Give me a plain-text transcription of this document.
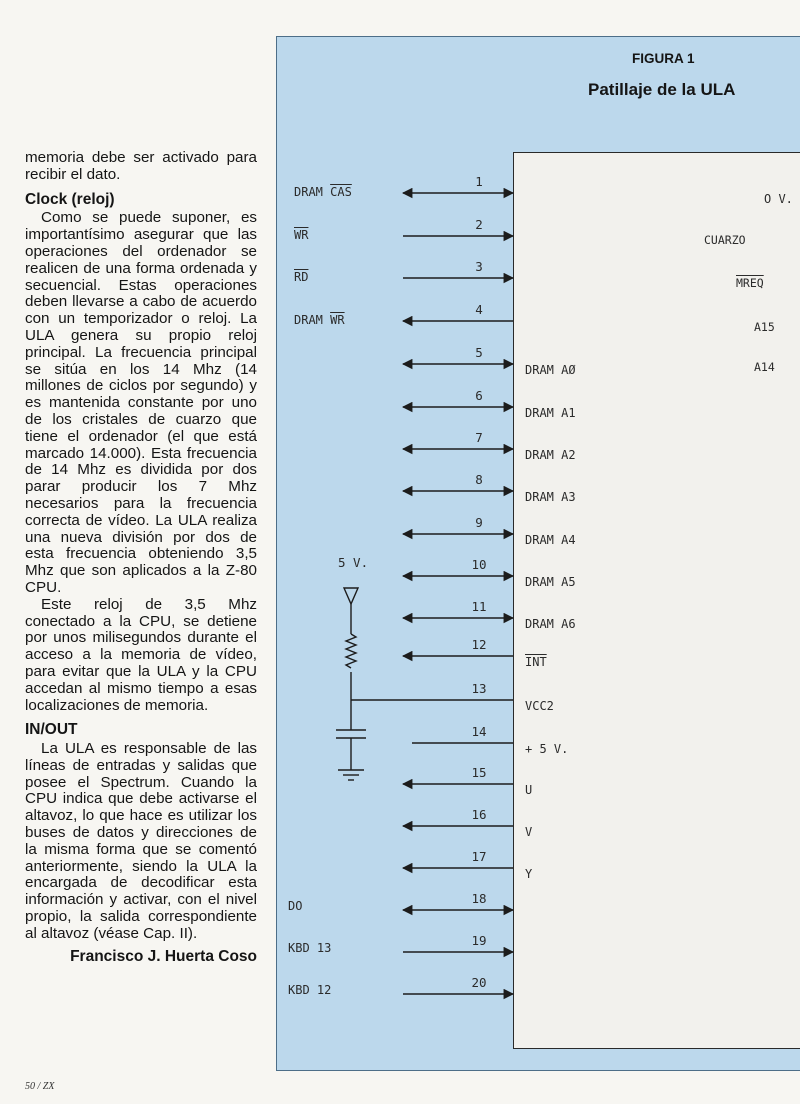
memoria debe ser activado para recibir el dato.

Clock (reloj)

Como se puede suponer, es importantísimo asegurar que las operaciones del ordenador se realicen de una forma ordenada y secuencial. Estas operaciones deben llevarse a cabo de acuerdo con un temporizador o reloj. La ULA genera su propio reloj principal. La frecuencia principal se sitúa en los 14 Mhz (14 millones de ciclos por segundo) y es mantenida constante por uno de los cristales de cuarzo que tiene el ordenador (el que está marcado 14.000). Esta frecuencia de 14 Mhz es dividida por dos parar producir los 7 Mhz necesarios para la frecuencia correcta de vídeo. La ULA realiza una nueva división por dos de esta frecuencia obteniendo 3,5 Mhz que son aplicados a la Z-80 CPU.

Este reloj de 3,5 Mhz conectado a la CPU, se detiene por unos milisegundos durante el acceso a la memoria de vídeo, para evitar que la ULA y la CPU accedan al mismo tiempo a esas localizaciones de memoria.

IN/OUT

La ULA es responsable de las líneas de entradas y salidas que posee el Spectrum. Cuando la CPU indica que debe activarse el altavoz, lo que hace es utilizar los buses de datos y direcciones de la misma forma que se comentó anteriormente, siendo la ULA la encargada de decodificar esta información y activar, con el nivel propio, la salida correspondiente al altavoz (véase Cap. II).

Francisco J. Huerta Coso
50 / ZX
FIGURA 1
Patillaje de la ULA
1
DRAM $\overline{CAS}$
2
$\overline{WR}$
3
$\overline{RD}$
4
DRAM $\overline{WR}$
5
DRAM AØ
6
DRAM A1
7
DRAM A2
8
DRAM A3
9
DRAM A4
10
DRAM A5
11
DRAM A6
12
$\overline{INT}$
13
VCC2
14
+ 5 V.
15
U
16
V
17
Y
18
DO
19
KBD 13
20
KBD 12
5 V.
O V.
CUARZO
MREQ
A15
A14
